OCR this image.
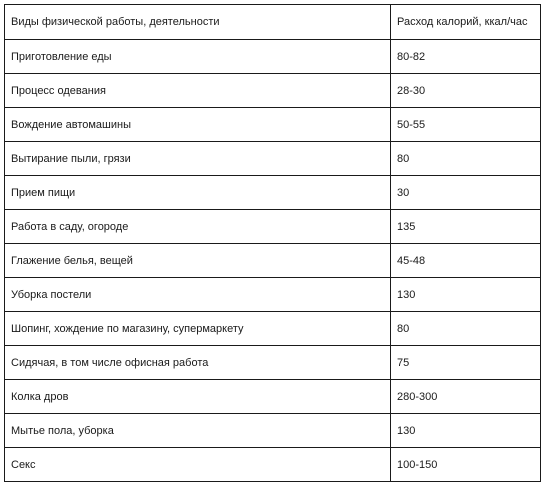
Виды физической работы, деятельности	Расход калорий, ккал/час
Приготовление еды	80-82
Процесс одевания	28-30
Вождение автомашины	50-55
Вытирание пыли, грязи	80
Прием пищи	30
Работа в саду, огороде	135
Глажение белья, вещей	45-48
Уборка постели	130
Шопинг, хождение по магазину, супермаркету	80
Сидячая, в том числе офисная работа	75
Колка дров	280-300
Мытье пола, уборка	130
Секс	100-150
